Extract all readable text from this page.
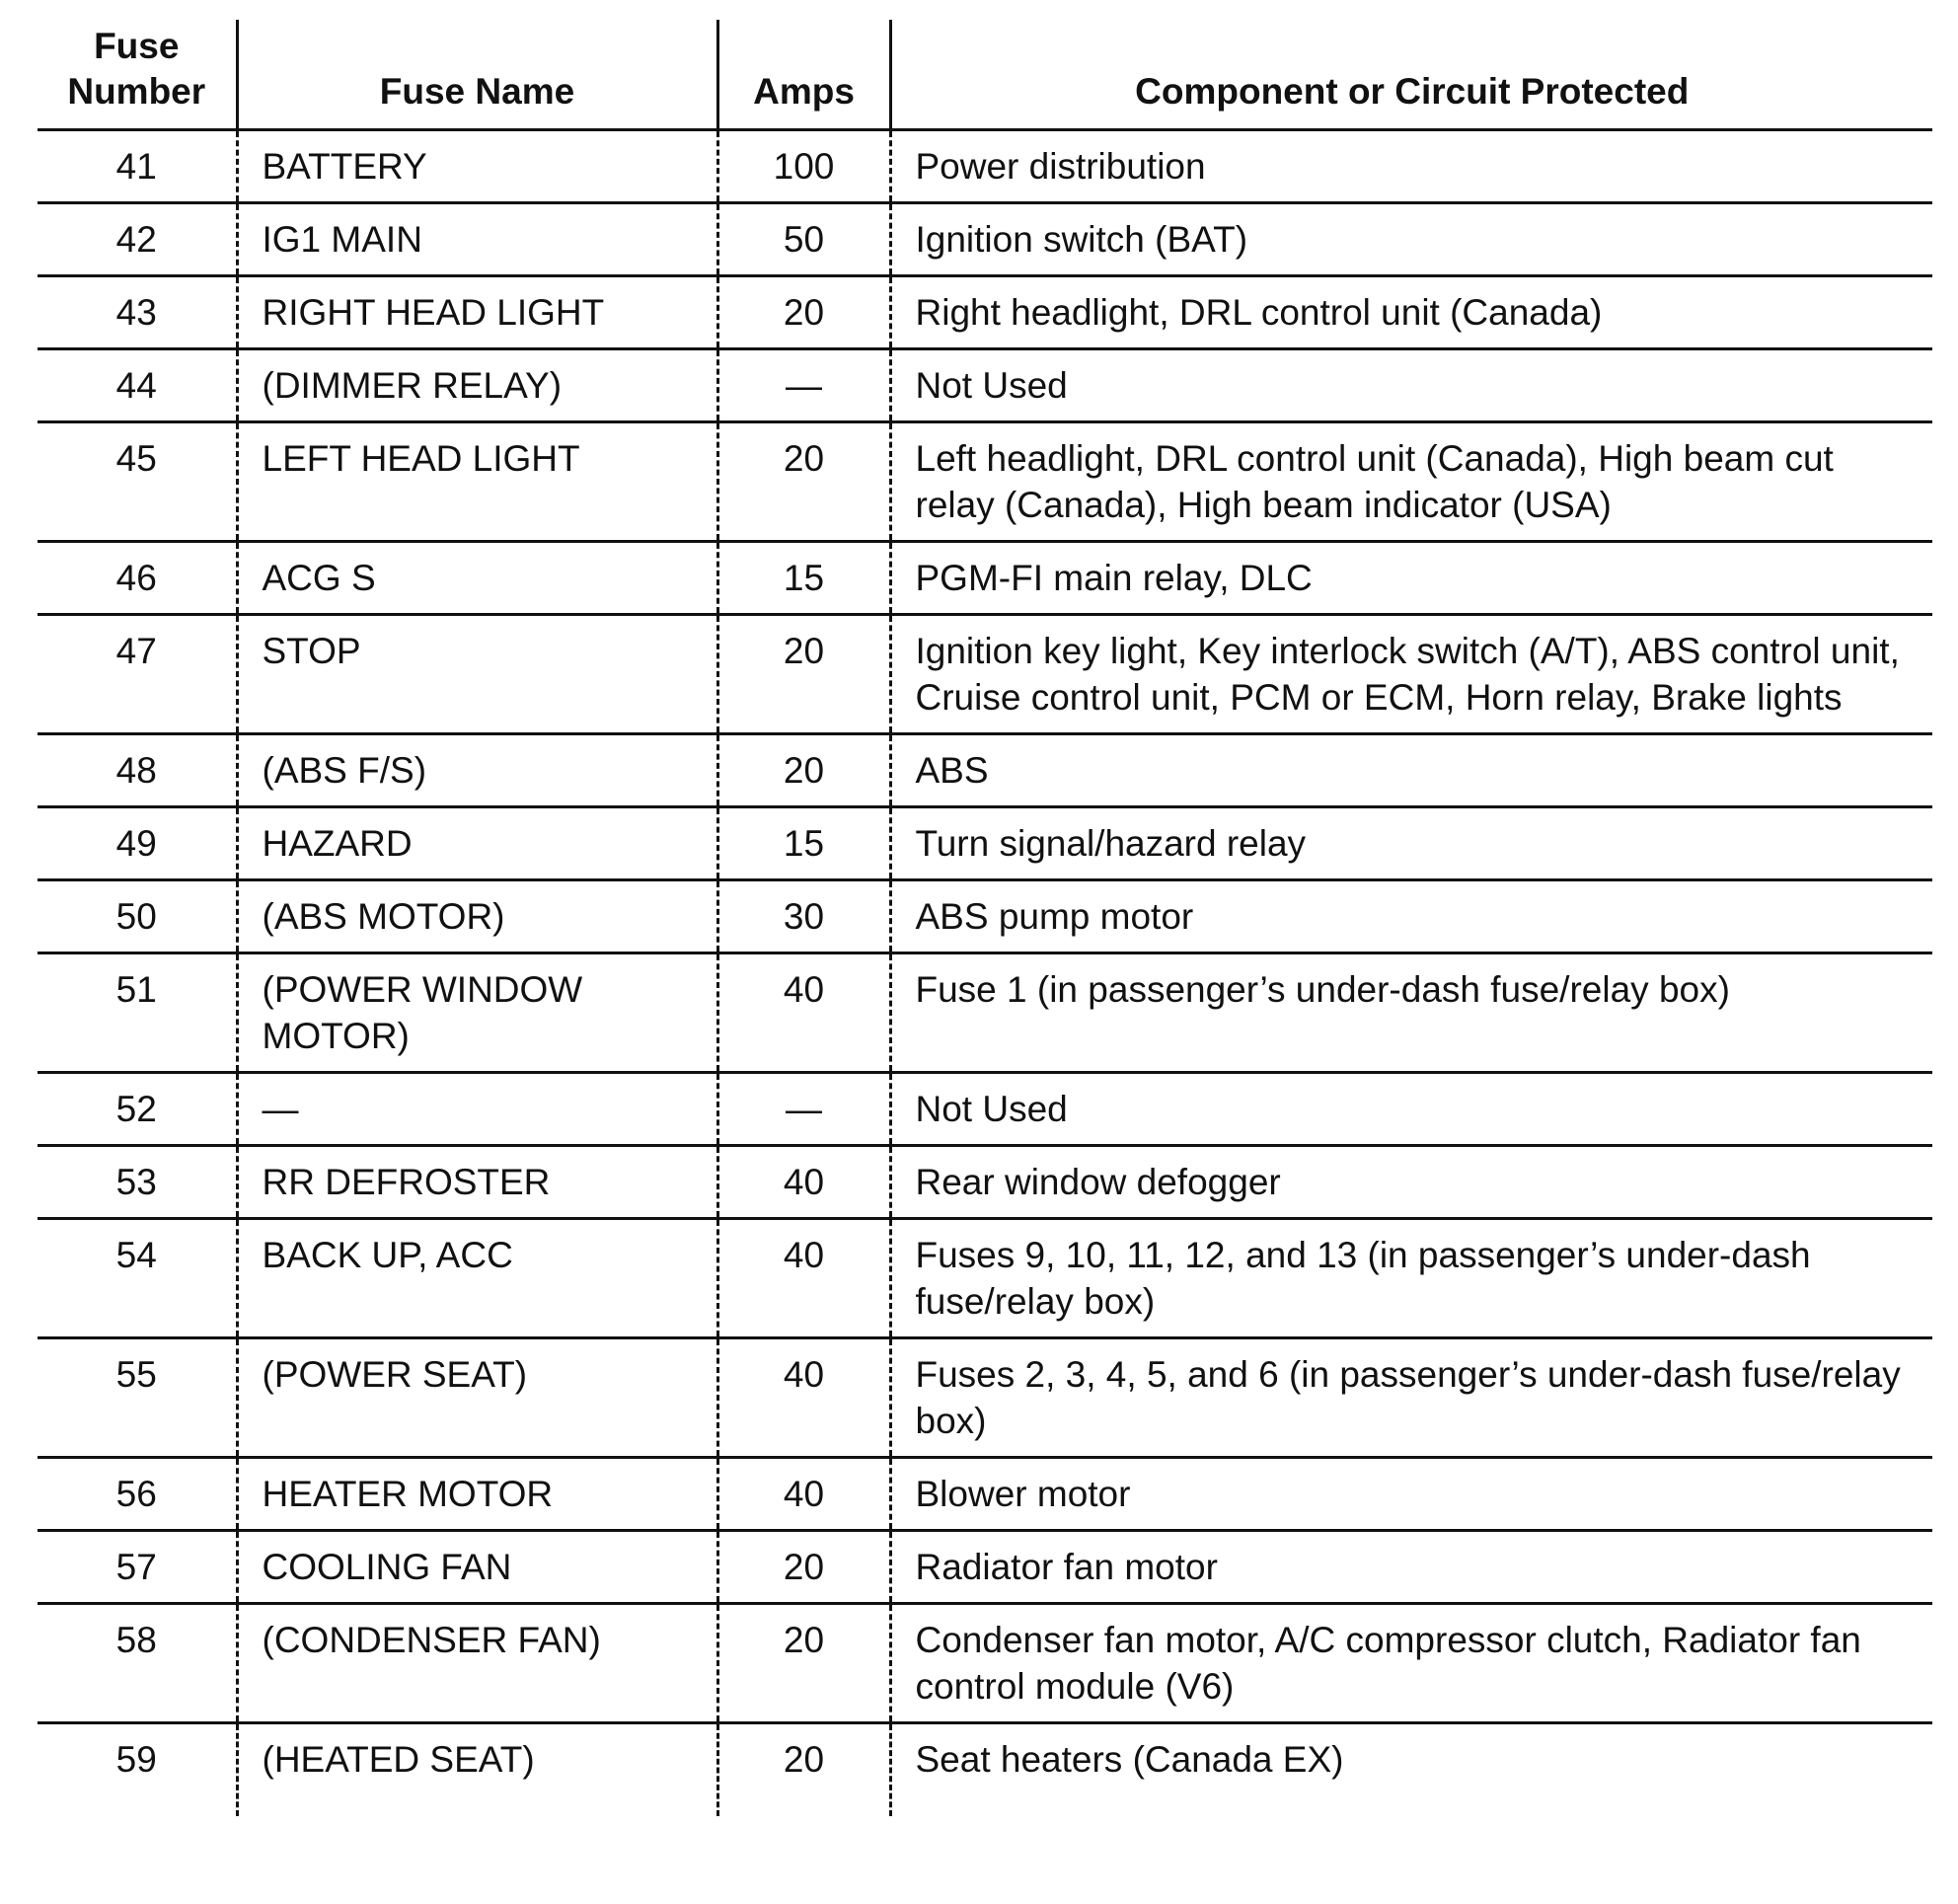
Fuse Number	Fuse Name	Amps	Component or Circuit Protected
41	BATTERY	100	Power distribution
42	IG1 MAIN	50	Ignition switch (BAT)
43	RIGHT HEAD LIGHT	20	Right headlight, DRL control unit (Canada)
44	(DIMMER RELAY)	—	Not Used
45	LEFT HEAD LIGHT	20	Left headlight, DRL control unit (Canada), High beam cut relay (Canada), High beam indicator (USA)
46	ACG S	15	PGM-FI main relay, DLC
47	STOP	20	Ignition key light, Key interlock switch (A/T), ABS control unit, Cruise control unit, PCM or ECM, Horn relay, Brake lights
48	(ABS F/S)	20	ABS
49	HAZARD	15	Turn signal/hazard relay
50	(ABS MOTOR)	30	ABS pump motor
51	(POWER WINDOW MOTOR)	40	Fuse 1 (in passenger’s under-dash fuse/relay box)
52	—	—	Not Used
53	RR DEFROSTER	40	Rear window defogger
54	BACK UP, ACC	40	Fuses 9, 10, 11, 12, and 13 (in passenger’s under-dash fuse/relay box)
55	(POWER SEAT)	40	Fuses 2, 3, 4, 5, and 6 (in passenger’s under-dash fuse/relay box)
56	HEATER MOTOR	40	Blower motor
57	COOLING FAN	20	Radiator fan motor
58	(CONDENSER FAN)	20	Condenser fan motor, A/C compressor clutch, Radiator fan control module (V6)
59	(HEATED SEAT)	20	Seat heaters (Canada EX)
